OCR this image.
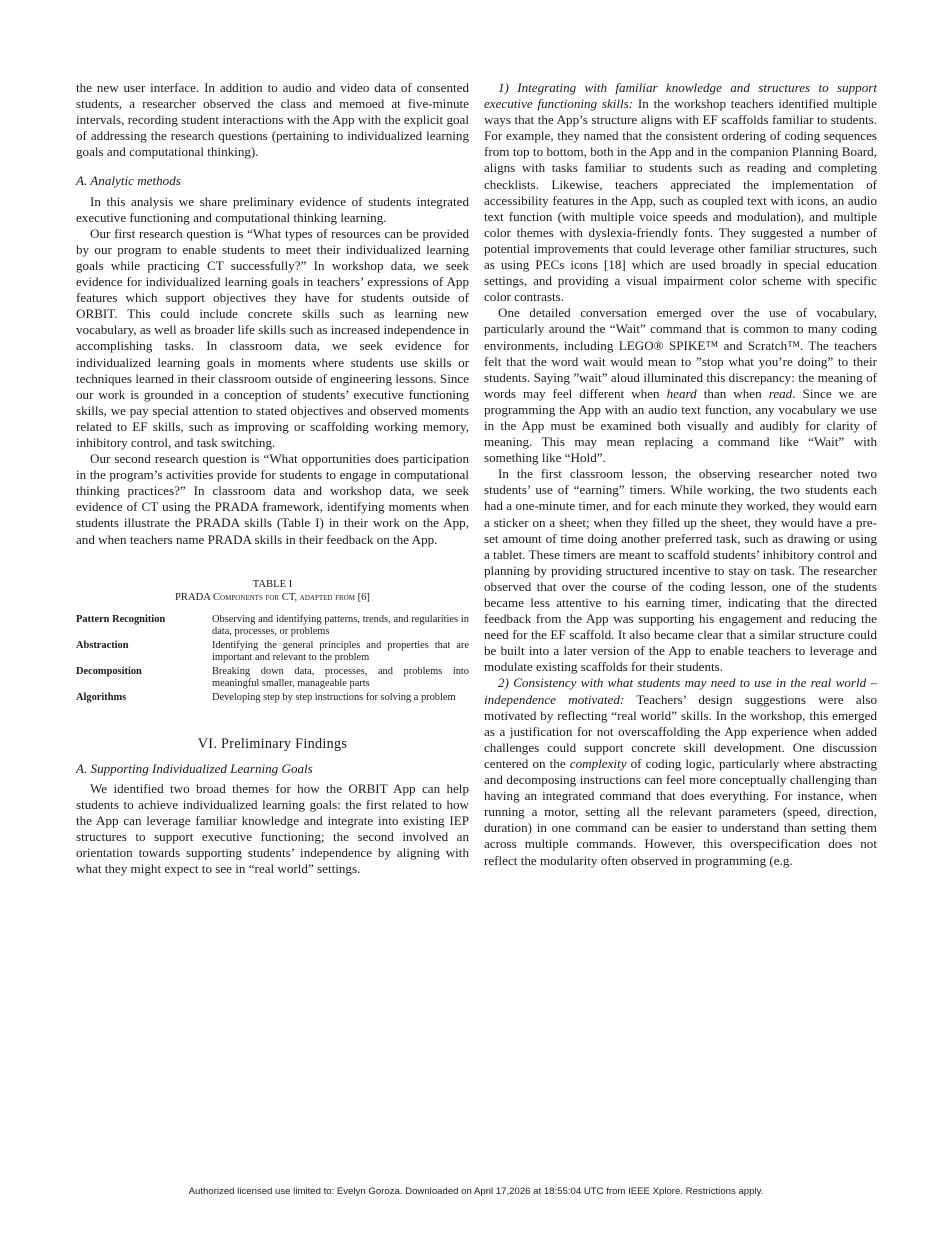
the new user interface. In addition to audio and video data of consented students, a researcher observed the class and memoed at five-minute intervals, recording student interactions with the App with the explicit goal of addressing the research questions (pertaining to individualized learning goals and computational thinking).

A. Analytic methods

In this analysis we share preliminary evidence of students integrated executive functioning and computational thinking learning.

Our first research question is “What types of resources can be provided by our program to enable students to meet their individualized learning goals while practicing CT successfully?” In workshop data, we seek evidence for individualized learning goals in teachers’ expressions of App features which support objectives they have for students outside of ORBIT. This could include concrete skills such as learning new vocabulary, as well as broader life skills such as increased independence in accomplishing tasks. In classroom data, we seek evidence for individualized learning goals in moments where students use skills or techniques learned in their classroom outside of engineering lessons. Since our work is grounded in a conception of students’ executive functioning skills, we pay special attention to stated objectives and observed moments related to EF skills, such as improving or scaffolding working memory, inhibitory control, and task switching.

Our second research question is “What opportunities does participation in the program’s activities provide for students to engage in computational thinking practices?” In classroom data and workshop data, we seek evidence of CT using the PRADA framework, identifying moments when students illustrate the PRADA skills (Table I) in their work on the App, and when teachers name PRADA skills in their feedback on the App.

TABLE I
PRADA Components for CT, adapted from [6]
Pattern Recognition	Observing and identifying patterns, trends, and regularities in data, processes, or problems
Abstraction	Identifying the general principles and properties that are important and relevant to the problem
Decomposition	Breaking down data, processes, and problems into meaningful smaller, manageable parts
Algorithms	Developing step by step instructions for solving a problem
VI. Preliminary Findings
A. Supporting Individualized Learning Goals

We identified two broad themes for how the ORBIT App can help students to achieve individualized learning goals: the first related to how the App can leverage familiar knowledge and integrate into existing IEP structures to support executive functioning; the second involved an orientation towards supporting students’ independence by aligning with what they might expect to see in “real world” settings.

1) Integrating with familiar knowledge and structures to support executive functioning skills: In the workshop teachers identified multiple ways that the App’s structure aligns with EF scaffolds familiar to students. For example, they named that the consistent ordering of coding sequences from top to bottom, both in the App and in the companion Planning Board, aligns with tasks familiar to students such as reading and completing checklists. Likewise, teachers appreciated the implementation of accessibility features in the App, such as coupled text with icons, an audio text function (with multiple voice speeds and modulation), and multiple color themes with dyslexia-friendly fonts. They suggested a number of potential improvements that could leverage other familiar structures, such as using PECs icons [18] which are used broadly in special education settings, and providing a visual impairment color scheme with specific color contrasts.

One detailed conversation emerged over the use of vocabulary, particularly around the “Wait” command that is common to many coding environments, including LEGO® SPIKE™ and Scratch™. The teachers felt that the word wait would mean to ”stop what you’re doing” to their students. Saying ”wait” aloud illuminated this discrepancy: the meaning of words may feel different when heard than when read. Since we are programming the App with an audio text function, any vocabulary we use in the App must be examined both visually and audibly for clarity of meaning. This may mean replacing a command like “Wait” with something like “Hold”.

In the first classroom lesson, the observing researcher noted two students’ use of “earning” timers. While working, the two students each had a one-minute timer, and for each minute they worked, they would earn a sticker on a sheet; when they filled up the sheet, they would have a pre-set amount of time doing another preferred task, such as drawing or using a tablet. These timers are meant to scaffold students’ inhibitory control and planning by providing structured incentive to stay on task. The researcher observed that over the course of the coding lesson, one of the students became less attentive to his earning timer, indicating that the directed feedback from the App was supporting his engagement and reducing the need for the EF scaffold. It also became clear that a similar structure could be built into a later version of the App to enable teachers to leverage and modulate existing scaffolds for their students.

2) Consistency with what students may need to use in the real world – independence motivated: Teachers’ design suggestions were also motivated by reflecting “real world” skills. In the workshop, this emerged as a justification for not overscaffolding the App experience when added challenges could support concrete skill development. One discussion centered on the complexity of coding logic, particularly where abstracting and decomposing instructions can feel more conceptually challenging than having an integrated command that does everything. For instance, when running a motor, setting all the relevant parameters (speed, direction, duration) in one command can be easier to understand than setting them across multiple commands. However, this overspecification does not reflect the modularity often observed in programming (e.g.

Authorized licensed use limited to: Evelyn Goroza. Downloaded on April 17,2026 at 18:55:04 UTC from IEEE Xplore. Restrictions apply.
